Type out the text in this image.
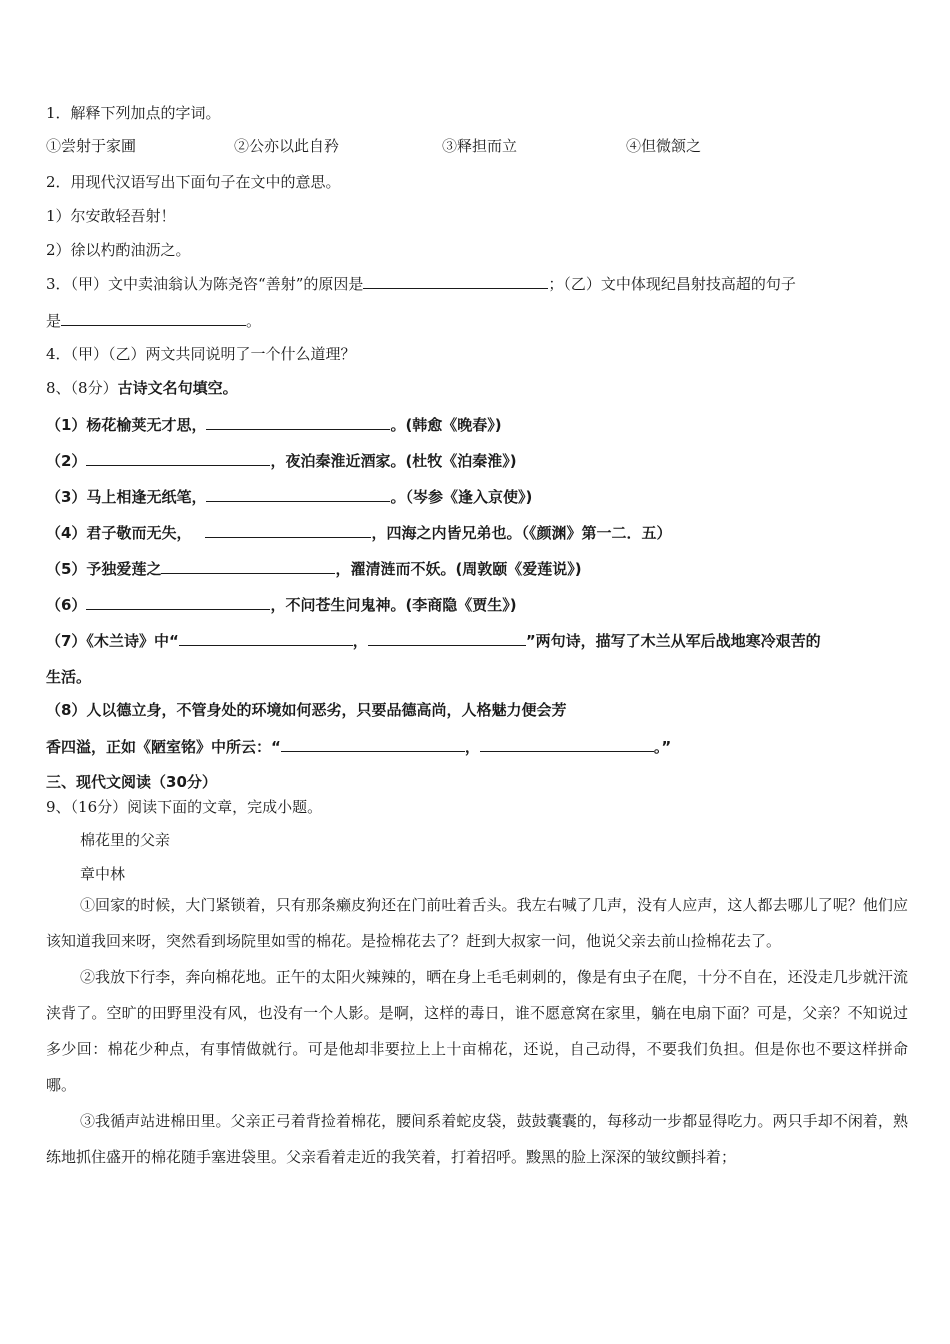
1．解释下列加点的字词。
①尝射于家圃	②公亦以此自矜	③释担而立	④但微颔之
2．用现代汉语写出下面句子在文中的意思。
1）尔安敢轻吾射！
2）徐以杓酌油沥之。
3．（甲）文中卖油翁认为陈尧咨“善射”的原因是	；（乙）文中体现纪昌射技高超的句子
是	。
4．（甲）（乙）两文共同说明了一个什么道理？
8、（8分）古诗文名句填空。
（1）杨花榆荚无才思，	。(韩愈《晚春》)
（2）	，夜泊秦淮近酒家。(杜牧《泊秦淮》)
（3）马上相逢无纸笔，	。（岑参《逢入京使》)
（4）君子敬而无失，	，四海之内皆兄弟也。（《颜渊》第一二．五）
（5）予独爱莲之	，濯清涟而不妖。(周敦颐《爱莲说》)
（6）	，不问苍生问鬼神。(李商隐《贾生》)
（7）《木兰诗》中“	，	”两句诗，描写了木兰从军后战地寒冷艰苦的
生活。
（8）人以德立身，不管身处的环境如何恶劣，只要品德高尚，人格魅力便会芳
香四溢，正如《陋室铭》中所云：“	，	。”
三、现代文阅读（30分）
9、（16分）阅读下面的文章，完成小题。
棉花里的父亲
章中林

①回家的时候，大门紧锁着，只有那条癞皮狗还在门前吐着舌头。我左右喊了几声，没有人应声，这人都去哪儿了呢？他们应该知道我回来呀，突然看到场院里如雪的棉花。是捡棉花去了？赶到大叔家一问，他说父亲去前山捡棉花去了。

②我放下行李，奔向棉花地。正午的太阳火辣辣的，晒在身上毛毛刺刺的，像是有虫子在爬，十分不自在，还没走几步就汗流浃背了。空旷的田野里没有风，也没有一个人影。是啊，这样的毒日，谁不愿意窝在家里，躺在电扇下面？可是，父亲？不知说过多少回：棉花少种点，有事情做就行。可是他却非要拉上上十亩棉花，还说，自己动得，不要我们负担。但是你也不要这样拼命哪。

③我循声站进棉田里。父亲正弓着背捡着棉花，腰间系着蛇皮袋，鼓鼓囊囊的，每移动一步都显得吃力。两只手却不闲着，熟练地抓住盛开的棉花随手塞进袋里。父亲看着走近的我笑着，打着招呼。黢黑的脸上深深的皱纹颤抖着；
